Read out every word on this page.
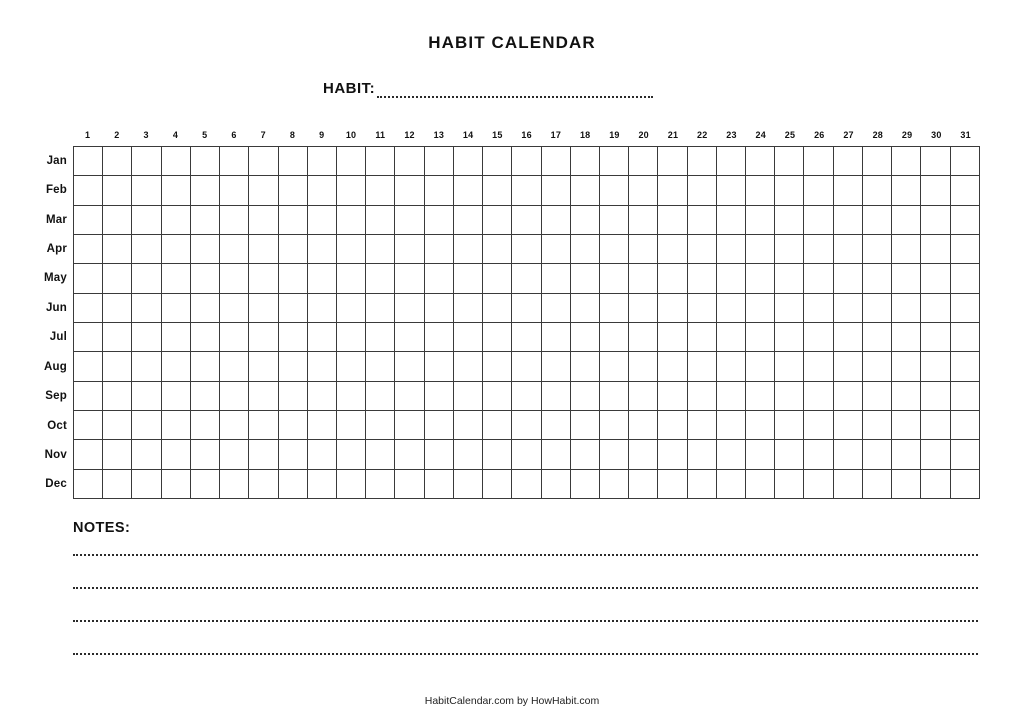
HABIT CALENDAR
HABIT:
1	2	3	4	5	6	7	8	9	10	11	12	13	14	15	16	17	18	19	20	21	22	23	24	25	26	27	28	29	30	31
Jan
Feb
Mar
Apr
May
Jun
Jul
Aug
Sep
Oct
Nov
Dec
NOTES:
HabitCalendar.com by HowHabit.com
